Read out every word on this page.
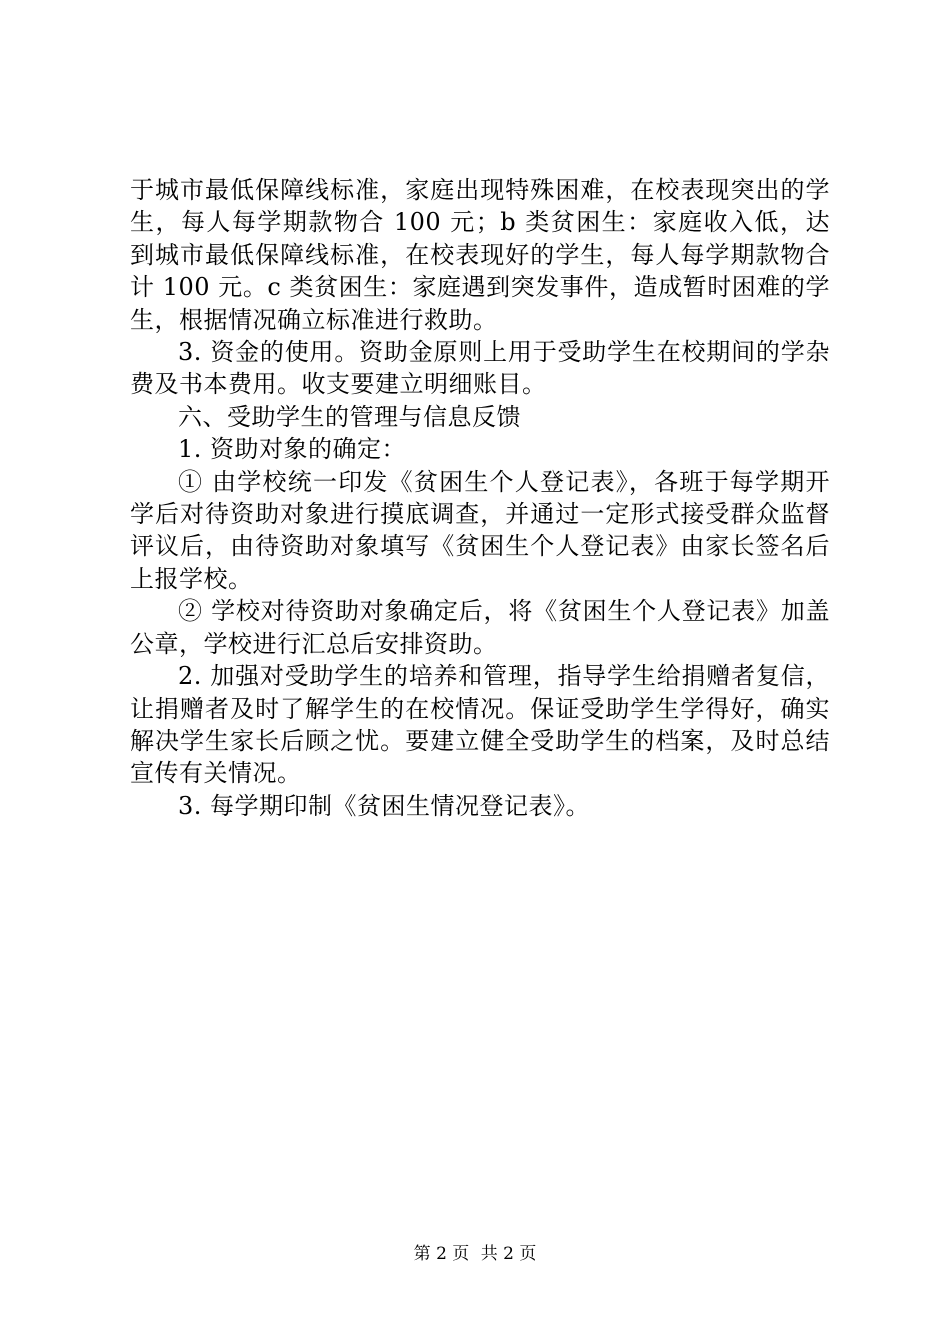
于城市最低保障线标准，家庭出现特殊困难，在校表现突出的学生，每人每学期款物合 100 元；b 类贫困生：家庭收入低，达到城市最低保障线标准，在校表现好的学生，每人每学期款物合计 100 元。c 类贫困生：家庭遇到突发事件，造成暂时困难的学生，根据情况确立标准进行救助。

3. 资金的使用。资助金原则上用于受助学生在校期间的学杂费及书本费用。收支要建立明细账目。

六、受助学生的管理与信息反馈

1. 资助对象的确定：

① 由学校统一印发《贫困生个人登记表》，各班于每学期开学后对待资助对象进行摸底调查，并通过一定形式接受群众监督评议后，由待资助对象填写《贫困生个人登记表》由家长签名后上报学校。

② 学校对待资助对象确定后，将《贫困生个人登记表》加盖公章，学校进行汇总后安排资助。

2. 加强对受助学生的培养和管理，指导学生给捐赠者复信，让捐赠者及时了解学生的在校情况。保证受助学生学得好，确实解决学生家长后顾之忧。要建立健全受助学生的档案，及时总结宣传有关情况。

3. 每学期印制《贫困生情况登记表》。

第 2 页 共 2 页
